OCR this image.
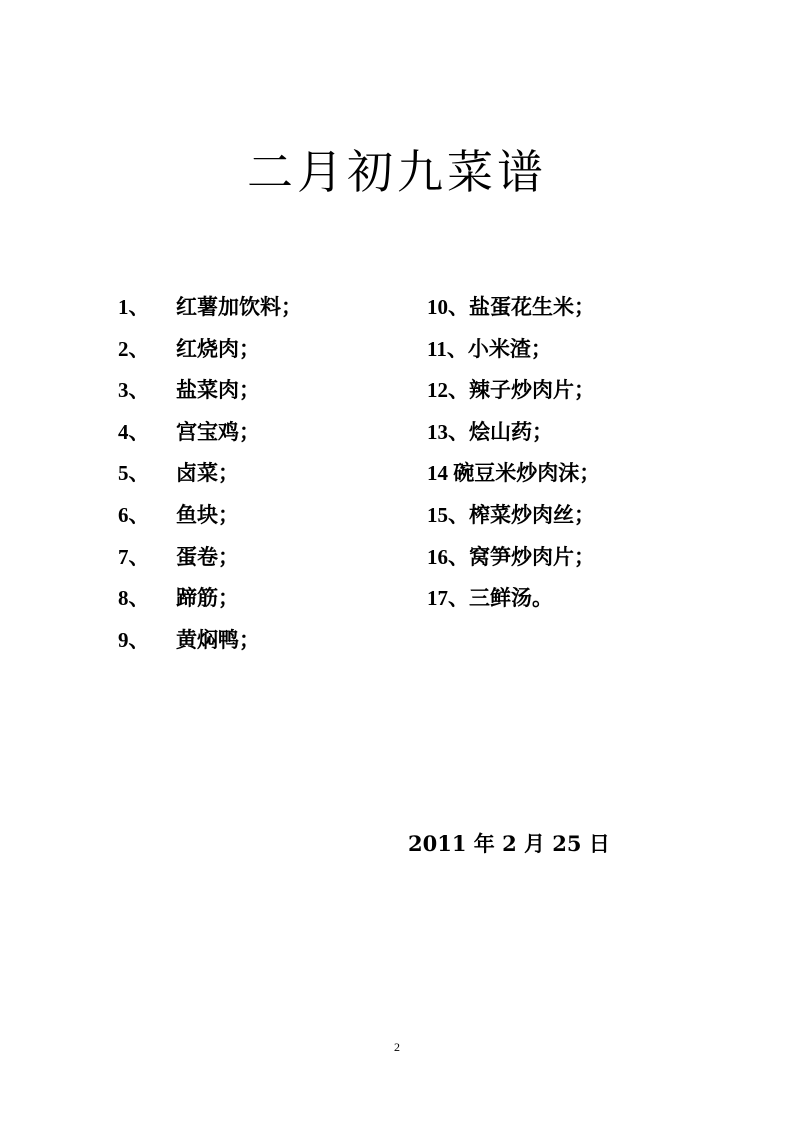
二月初九菜谱
1、 红薯加饮料；
2、 红烧肉；
3、 盐菜肉；
4、 宫宝鸡；
5、 卤菜；
6、 鱼块；
7、 蛋卷；
8、 蹄筋；
9、 黄焖鸭；
10、盐蛋花生米；
11、小米渣；
12、辣子炒肉片；
13、烩山药；
14 碗豆米炒肉沫；
15、榨菜炒肉丝；
16、窝笋炒肉片；
17、三鲜汤。
2011 年 2 月 25 日
2
